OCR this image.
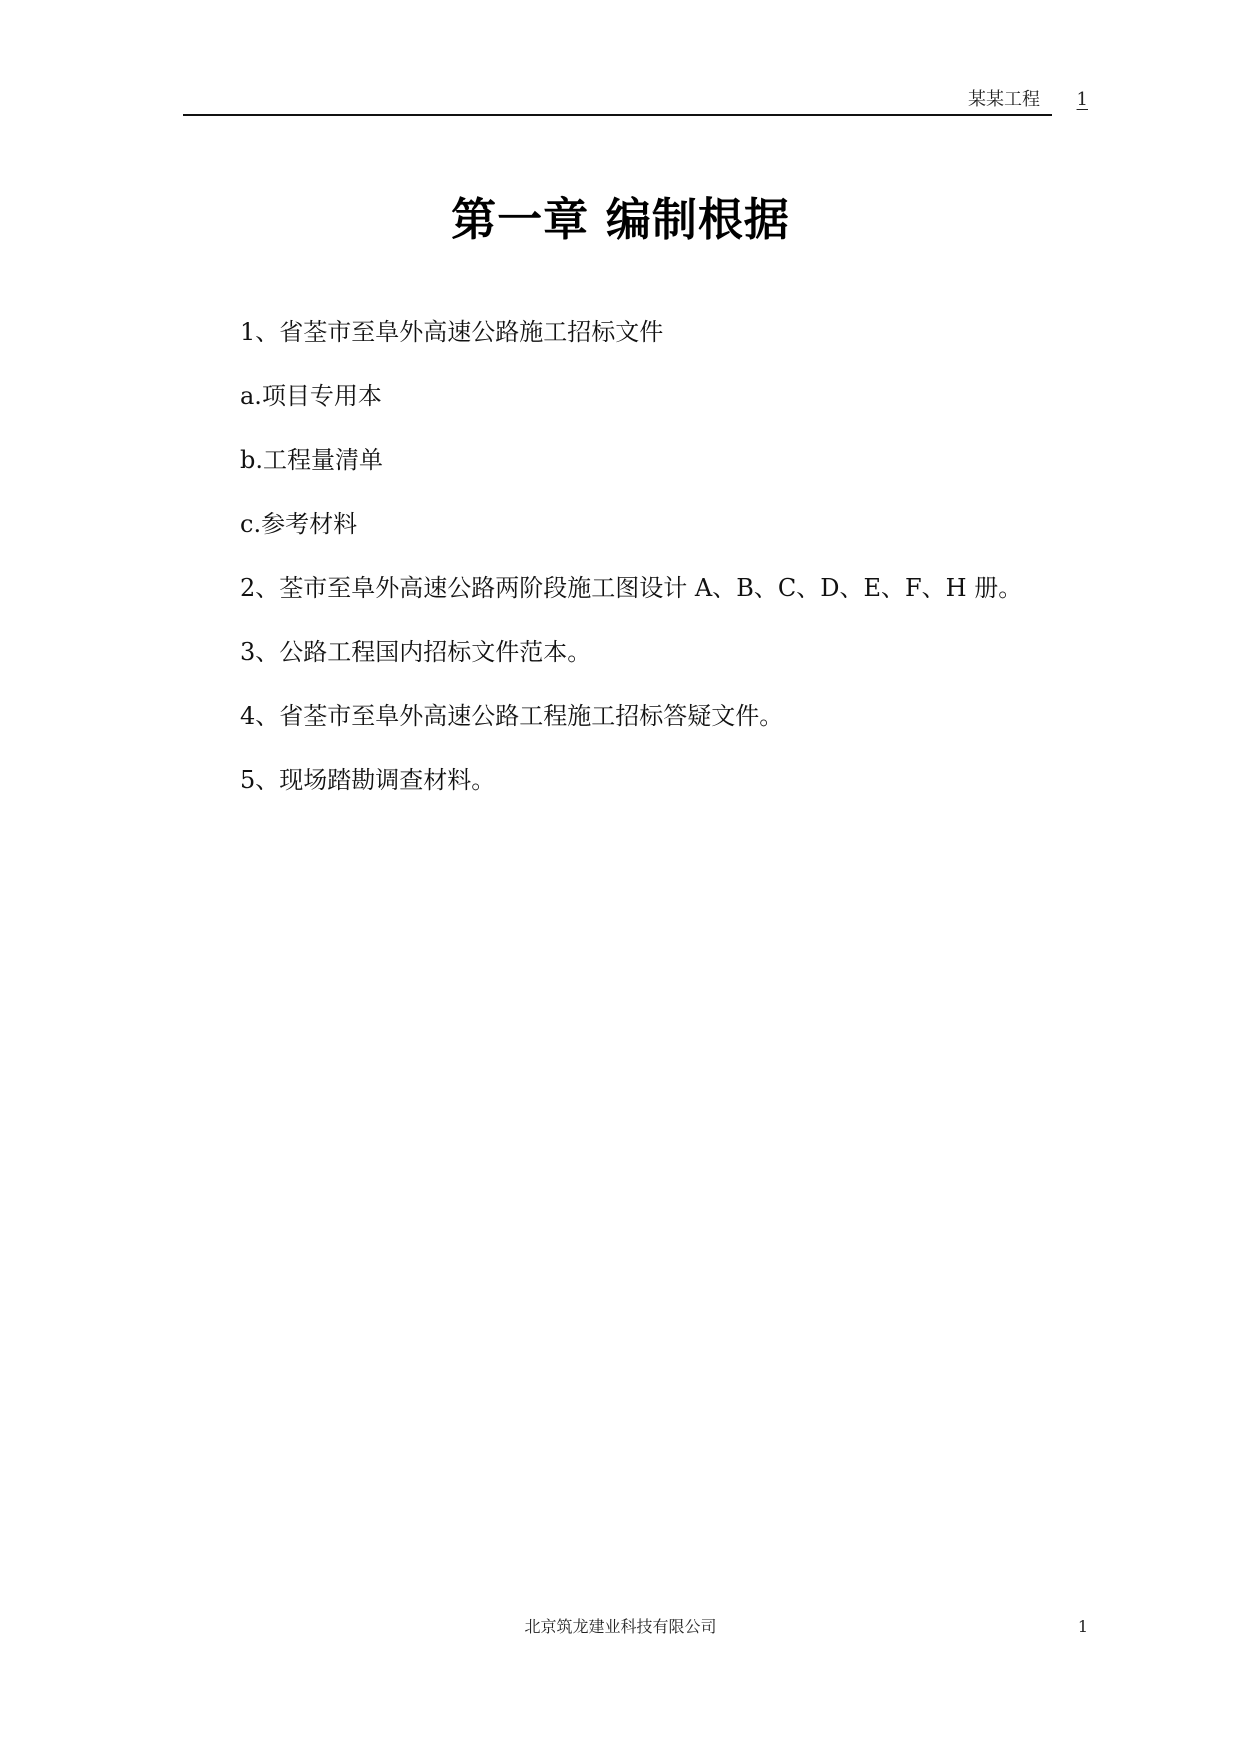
某某工程 1
第一章 编制根据
1、省荃市至阜外高速公路施工招标文件
a.项目专用本
b.工程量清单
c.参考材料
2、荃市至阜外高速公路两阶段施工图设计 A、B、C、D、E、F、H 册。
3、公路工程国内招标文件范本。
4、省荃市至阜外高速公路工程施工招标答疑文件。
5、现场踏勘调查材料。
北京筑龙建业科技有限公司	1
